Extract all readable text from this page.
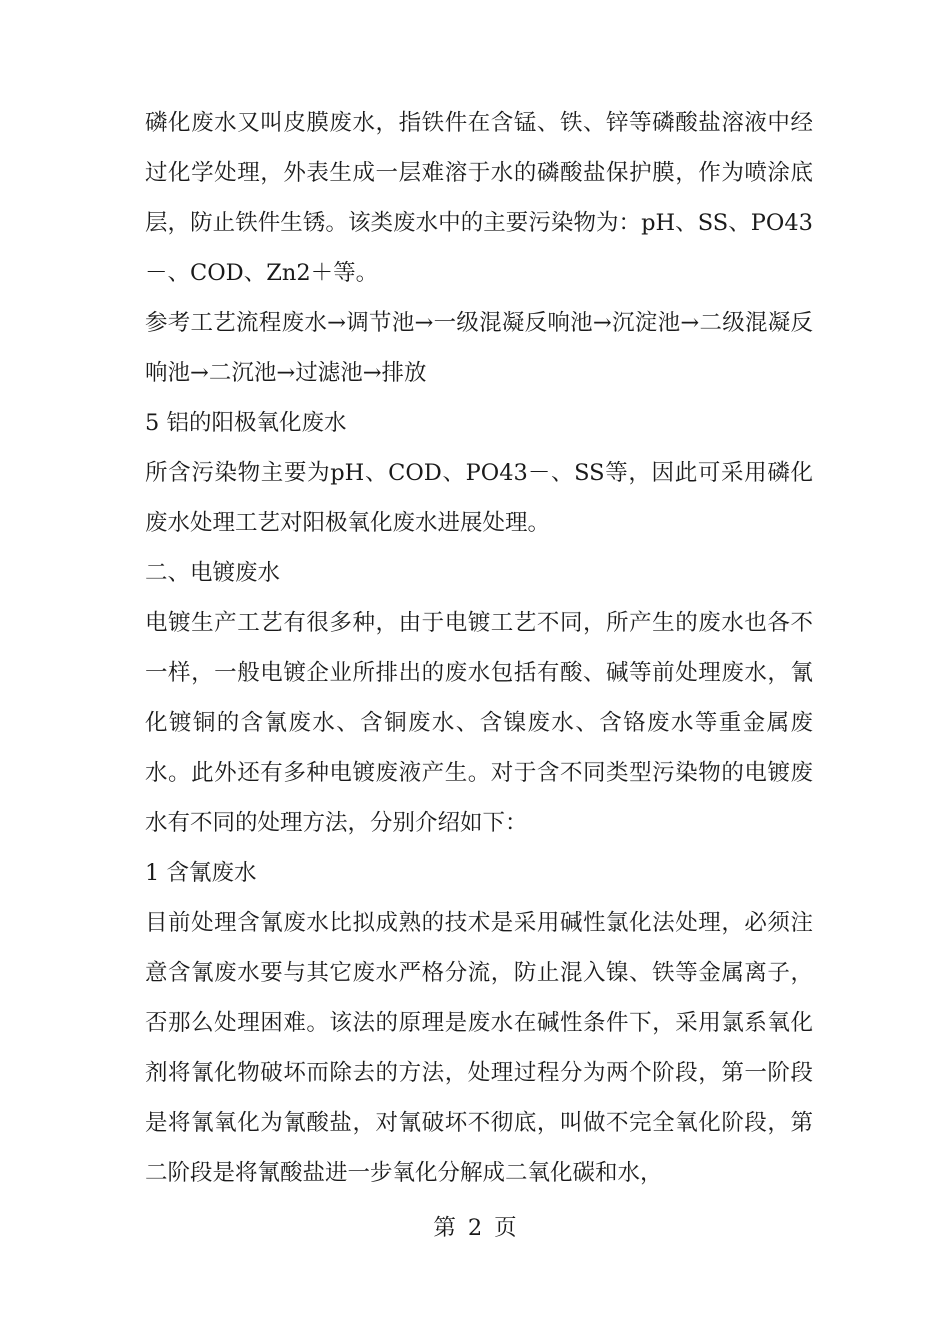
磷化废水又叫皮膜废水，指铁件在含锰、铁、锌等磷酸盐溶液中经过化学处理，外表生成一层难溶于水的磷酸盐保护膜，作为喷涂底层，防止铁件生锈。该类废水中的主要污染物为：pH、SS、PO43－、COD、Zn2＋等。

参考工艺流程废水→调节池→一级混凝反响池→沉淀池→二级混凝反响池→二沉池→过滤池→排放

5 铝的阳极氧化废水

所含污染物主要为pH、COD、PO43－、SS等，因此可采用磷化废水处理工艺对阳极氧化废水进展处理。

二、电镀废水

电镀生产工艺有很多种，由于电镀工艺不同，所产生的废水也各不一样，一般电镀企业所排出的废水包括有酸、碱等前处理废水，氰化镀铜的含氰废水、含铜废水、含镍废水、含铬废水等重金属废水。此外还有多种电镀废液产生。对于含不同类型污染物的电镀废水有不同的处理方法，分别介绍如下：

1 含氰废水

目前处理含氰废水比拟成熟的技术是采用碱性氯化法处理，必须注意含氰废水要与其它废水严格分流，防止混入镍、铁等金属离子，否那么处理困难。该法的原理是废水在碱性条件下，采用氯系氧化剂将氰化物破坏而除去的方法，处理过程分为两个阶段，第一阶段是将氰氧化为氰酸盐，对氰破坏不彻底，叫做不完全氧化阶段，第二阶段是将氰酸盐进一步氧化分解成二氧化碳和水，

第 2 页
